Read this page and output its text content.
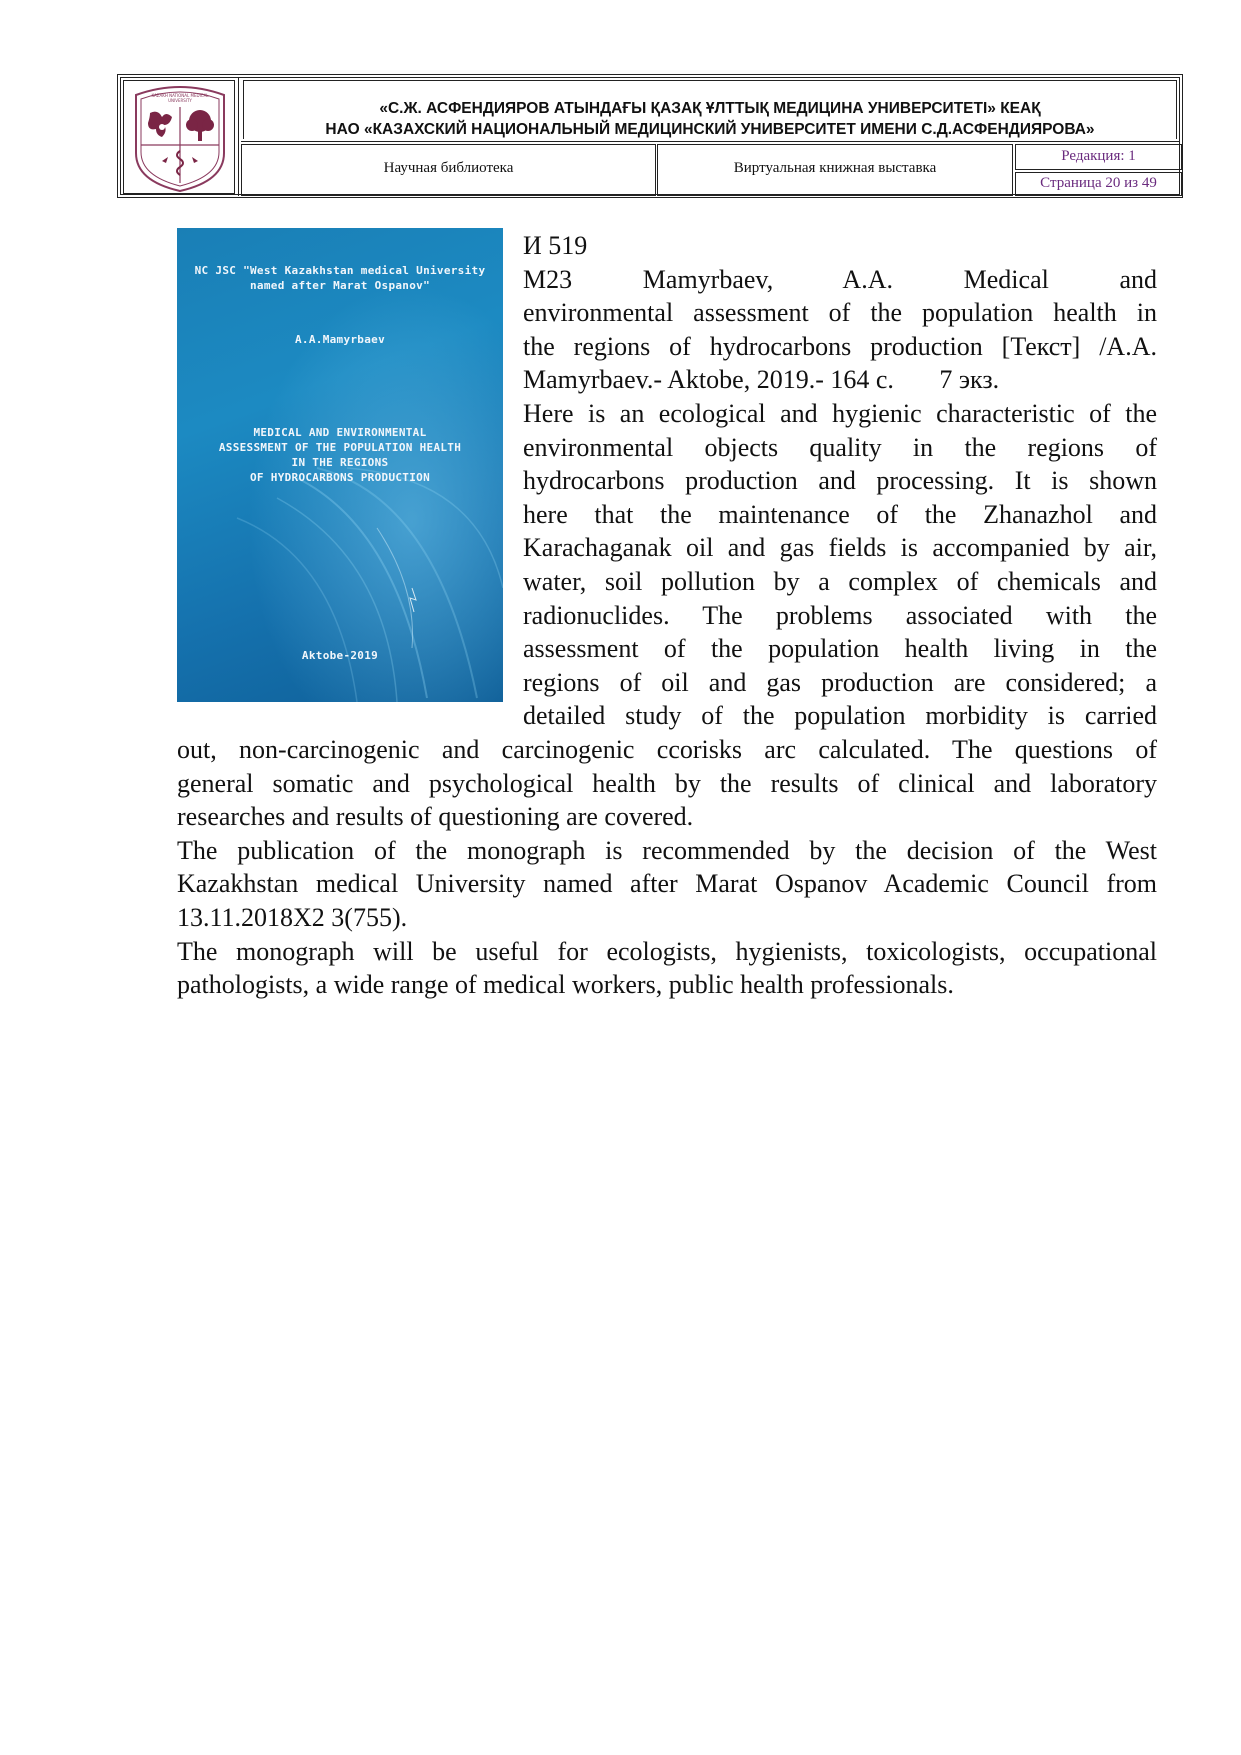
KAZAKH NATIONAL MEDICAL
UNIVERSITY	«С.Ж. АСФЕНДИЯРОВ АТЫНДАҒЫ ҚАЗАҚ ҰЛТТЫҚ МЕДИЦИНА УНИВЕРСИТЕТІ» КЕАҚ
НАО «КАЗАХСКИЙ НАЦИОНАЛЬНЫЙ МЕДИЦИНСКИЙ УНИВЕРСИТЕТ ИМЕНИ С.Д.АСФЕНДИЯРОВА»
Научная библиотека	Виртуальная книжная выставка
Редакция: 1
Страница 20 из 49
NC JSC "West Kazakhstan medical University
named after Marat Ospanov"
A.A.Mamyrbaev
MEDICAL AND ENVIRONMENTAL
ASSESSMENT OF THE POPULATION HEALTH
IN THE REGIONS
OF HYDROCARBONS PRODUCTION
Aktobe-2019

И 519

M23	Mamyrbaev, A.A.	Medical	and

environmental assessment of the population health in

the regions of hydrocarbons production [Текст] /A.A.

Mamyrbaev.- Aktobe, 2019.- 164 с.       7 экз.

Here is an ecological and hygienic characteristic of the

environmental objects quality in the regions of

hydrocarbons production and processing. It is shown

here that the maintenance of the Zhanazhol and

Karachaganak oil and gas fields is accompanied by air,

water, soil pollution by a complex of chemicals and

radionuclides. The problems associated with the

assessment of the population health living in the

regions of oil and gas production are considered; a

detailed study of the population morbidity is carried

out, non-carcinogenic and carcinogenic ccorisks arc calculated. The questions of

general somatic and psychological health by the results of clinical and laboratory

researches and results of questioning are covered.

The publication of the monograph is recommended by the decision of the West

Kazakhstan medical University named after Marat Ospanov Academic Council from

13.11.2018Х2 3(755).

The monograph will be useful for ecologists, hygienists, toxicologists, occupational

pathologists, a wide range of medical workers, public health professionals.
